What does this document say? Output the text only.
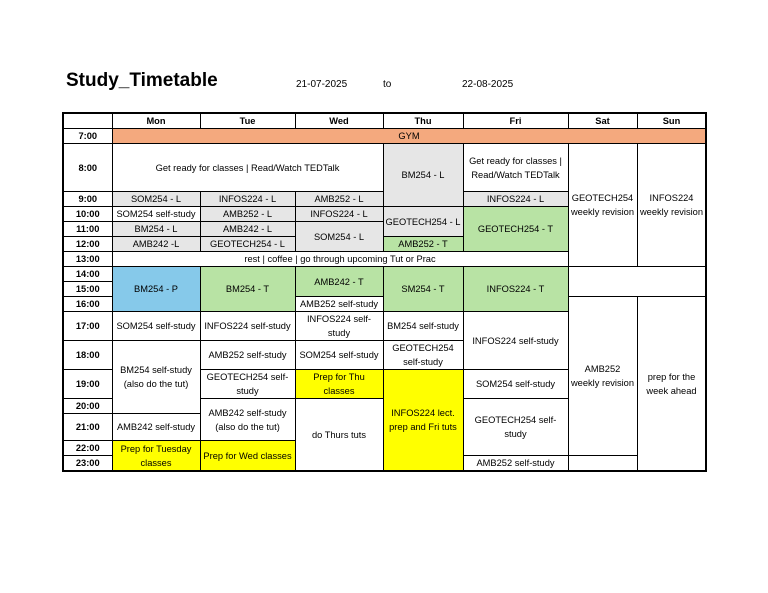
Study_Timetable	21-07-2025	to	22-08-2025
	Mon	Tue	Wed	Thu	Fri	Sat	Sun	
7:00	GYM							
8:00	Get ready for classes | Read/Watch TEDTalk			BM254 - L	Get ready for classes | Read/Watch TEDTalk	GEOTECH254 weekly revision	INFOS224 weekly revision	
9:00	SOM254 - L	INFOS224 - L	AMB252 - L		INFOS224 - L			
10:00	SOM254 self-study	AMB252 - L	INFOS224 - L	GEOTECH254 - L	GEOTECH254 - T			
11:00	BM254 - L	AMB242 - L	SOM254 - L					
12:00	AMB242 -L	GEOTECH254 - L		AMB252 - T				
13:00	rest | coffee | go through upcoming Tut or Prac		
14:00	BM254 - P	BM254 - T	AMB242 - T	SM254 - T	INFOS224 - T			
15:00								
16:00			AMB252 self-study			AMB252 weekly revision	prep for the week ahead	
17:00	SOM254 self-study	INFOS224 self-study	INFOS224 self-study	BM254 self-study	INFOS224 self-study			
18:00	BM254 self-study (also do the tut)	AMB252 self-study	SOM254 self-study	GEOTECH254 self-study				
19:00		GEOTECH254 self-study	Prep for Thu classes	INFOS224 lect. prep and Fri tuts	SOM254 self-study			
20:00		AMB242 self-study (also do the tut)	do Thurs tuts		GEOTECH254 self-study	
21:00	AMB242 self-study							
22:00	Prep for Tuesday classes	Prep for Wed classes						
23:00					AMB252 self-study			
